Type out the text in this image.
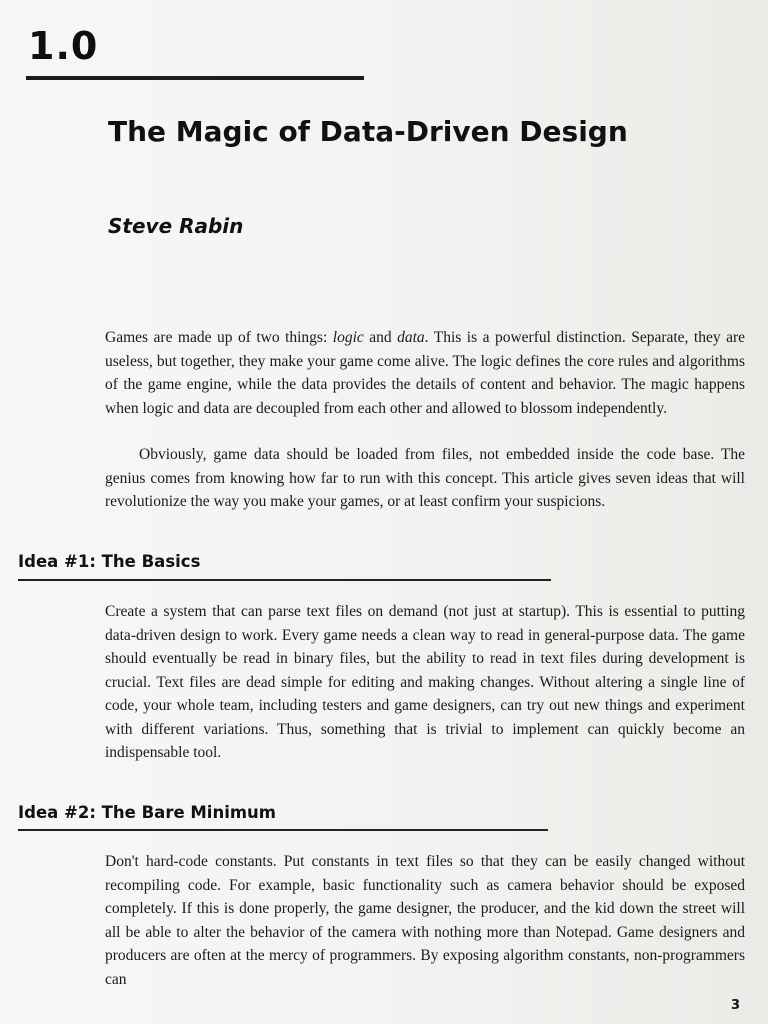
1.0
The Magic of Data-Driven Design
Steve Rabin

Games are made up of two things: logic and data. This is a powerful distinction. Separate, they are useless, but together, they make your game come alive. The logic defines the core rules and algorithms of the game engine, while the data provides the details of content and behavior. The magic happens when logic and data are decoupled from each other and allowed to blossom independently.

Obviously, game data should be loaded from files, not embedded inside the code base. The genius comes from knowing how far to run with this concept. This article gives seven ideas that will revolutionize the way you make your games, or at least confirm your suspicions.

Idea #1: The Basics

Create a system that can parse text files on demand (not just at startup). This is essential to putting data-driven design to work. Every game needs a clean way to read in general-purpose data. The game should eventually be read in binary files, but the ability to read in text files during development is crucial. Text files are dead simple for editing and making changes. Without altering a single line of code, your whole team, including testers and game designers, can try out new things and experiment with different variations. Thus, something that is trivial to implement can quickly become an indispensable tool.

Idea #2: The Bare Minimum

Don't hard-code constants. Put constants in text files so that they can be easily changed without recompiling code. For example, basic functionality such as camera behavior should be exposed completely. If this is done properly, the game designer, the producer, and the kid down the street will all be able to alter the behavior of the camera with nothing more than Notepad. Game designers and producers are often at the mercy of programmers. By exposing algorithm constants, non-programmers can

3
